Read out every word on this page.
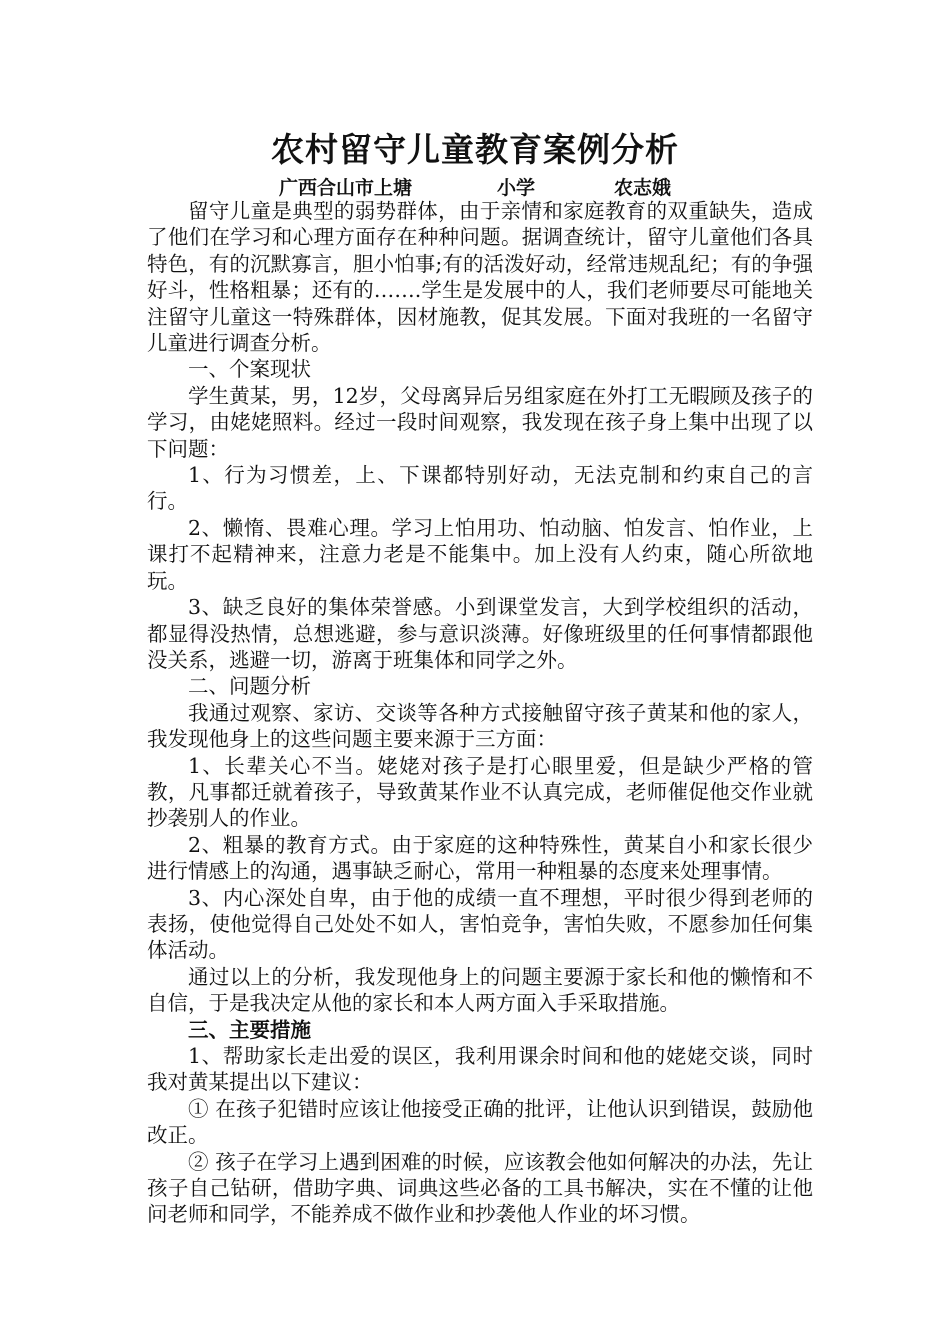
农村留守儿童教育案例分析
广西合山市上塘	小学	农志娥

留守儿童是典型的弱势群体，由于亲情和家庭教育的双重缺失，造成了他们在学习和心理方面存在种种问题。据调查统计，留守儿童他们各具特色，有的沉默寡言，胆小怕事;有的活泼好动，经常违规乱纪；有的争强好斗，性格粗暴；还有的…….学生是发展中的人，我们老师要尽可能地关注留守儿童这一特殊群体，因材施教，促其发展。下面对我班的一名留守儿童进行调查分析。

一、个案现状

学生黄某，男，12岁，父母离异后另组家庭在外打工无暇顾及孩子的学习，由姥姥照料。经过一段时间观察，我发现在孩子身上集中出现了以下问题：

1、行为习惯差，上、下课都特别好动，无法克制和约束自己的言行。

2、懒惰、畏难心理。学习上怕用功、怕动脑、怕发言、怕作业，上课打不起精神来，注意力老是不能集中。加上没有人约束，随心所欲地玩。

3、缺乏良好的集体荣誉感。小到课堂发言，大到学校组织的活动，都显得没热情，总想逃避，参与意识淡薄。好像班级里的任何事情都跟他没关系，逃避一切，游离于班集体和同学之外。

二、问题分析

我通过观察、家访、交谈等各种方式接触留守孩子黄某和他的家人，我发现他身上的这些问题主要来源于三方面：

1、长辈关心不当。姥姥对孩子是打心眼里爱，但是缺少严格的管教，凡事都迁就着孩子，导致黄某作业不认真完成，老师催促他交作业就抄袭别人的作业。

2、粗暴的教育方式。由于家庭的这种特殊性，黄某自小和家长很少进行情感上的沟通，遇事缺乏耐心，常用一种粗暴的态度来处理事情。

3、内心深处自卑，由于他的成绩一直不理想，平时很少得到老师的表扬，使他觉得自己处处不如人，害怕竞争，害怕失败，不愿参加任何集体活动。

通过以上的分析，我发现他身上的问题主要源于家长和他的懒惰和不自信，于是我决定从他的家长和本人两方面入手采取措施。

三、主要措施

1、帮助家长走出爱的误区，我利用课余时间和他的姥姥交谈，同时我对黄某提出以下建议：

① 在孩子犯错时应该让他接受正确的批评，让他认识到错误，鼓励他改正。

② 孩子在学习上遇到困难的时候，应该教会他如何解决的办法，先让孩子自己钻研，借助字典、词典这些必备的工具书解决，实在不懂的让他问老师和同学，不能养成不做作业和抄袭他人作业的坏习惯。
